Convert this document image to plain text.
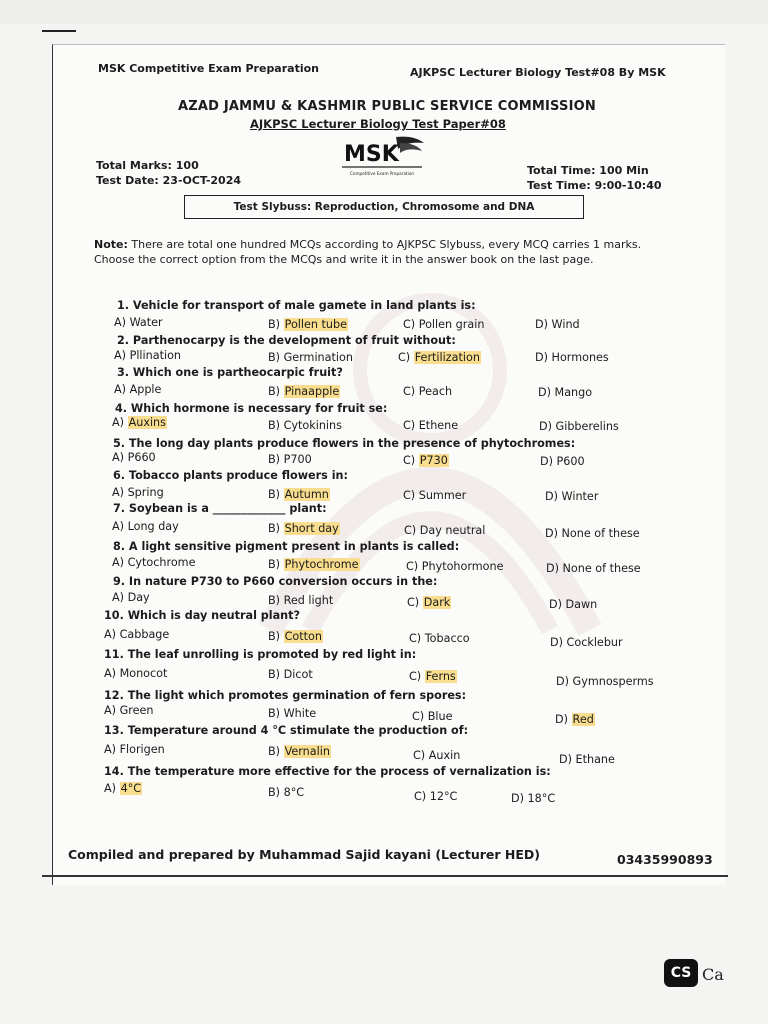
MSK Competitive Exam Preparation	AJKPSC Lecturer Biology Test#08 By MSK
AZAD JAMMU & KASHMIR PUBLIC SERVICE COMMISSION
AJKPSC Lecturer Biology Test Paper#08
MSK
Competitive Exam Preparation
Total Marks: 100
Test Date: 23-OCT-2024
Total Time: 100 Min
Test Time: 9:00-10:40
Test Slybuss: Reproduction, Chromosome and DNA
Note: There are total one hundred MCQs according to AJKPSC Slybuss, every MCQ carries 1 marks. Choose the correct option from the MCQs and write it in the answer book on the last page.
1. Vehicle for transport of male gamete in land plants is:
A) Water	B) Pollen tube	C) Pollen grain	D) Wind
2. Parthenocarpy is the development of fruit without:
A) Pllination	B) Germination	C) Fertilization	D) Hormones
3. Which one is partheocarpic fruit?
A) Apple	B) Pinaapple	C) Peach	D) Mango
4. Which hormone is necessary for fruit se:
A) Auxins	B) Cytokinins	C) Ethene	D) Gibberelins
5. The long day plants produce flowers in the presence of phytochromes:
A) P660	B) P700	C) P730	D) P600
6. Tobacco plants produce flowers in:
A) Spring	B) Autumn	C) Summer	D) Winter
7. Soybean is a _____________ plant:
A) Long day	B) Short day	C) Day neutral	D) None of these
8. A light sensitive pigment present in plants is called:
A) Cytochrome	B) Phytochrome	C) Phytohormone	D) None of these
9. In nature P730 to P660 conversion occurs in the:
A) Day	B) Red light	C) Dark	D) Dawn
10. Which is day neutral plant?
A) Cabbage	B) Cotton	C) Tobacco	D) Cocklebur
11. The leaf unrolling is promoted by red light in:
A) Monocot	B) Dicot	C) Ferns	D) Gymnosperms
12. The light which promotes germination of fern spores:
A) Green	B) White	C) Blue	D) Red
13. Temperature around 4 °C stimulate the production of:
A) Florigen	B) Vernalin	C) Auxin	D) Ethane
14. The temperature more effective for the process of vernalization is:
A) 4°C	B) 8°C	C) 12°C	D) 18°C
Compiled and prepared by Muhammad Sajid kayani (Lecturer HED)	03435990893
CS Ca
